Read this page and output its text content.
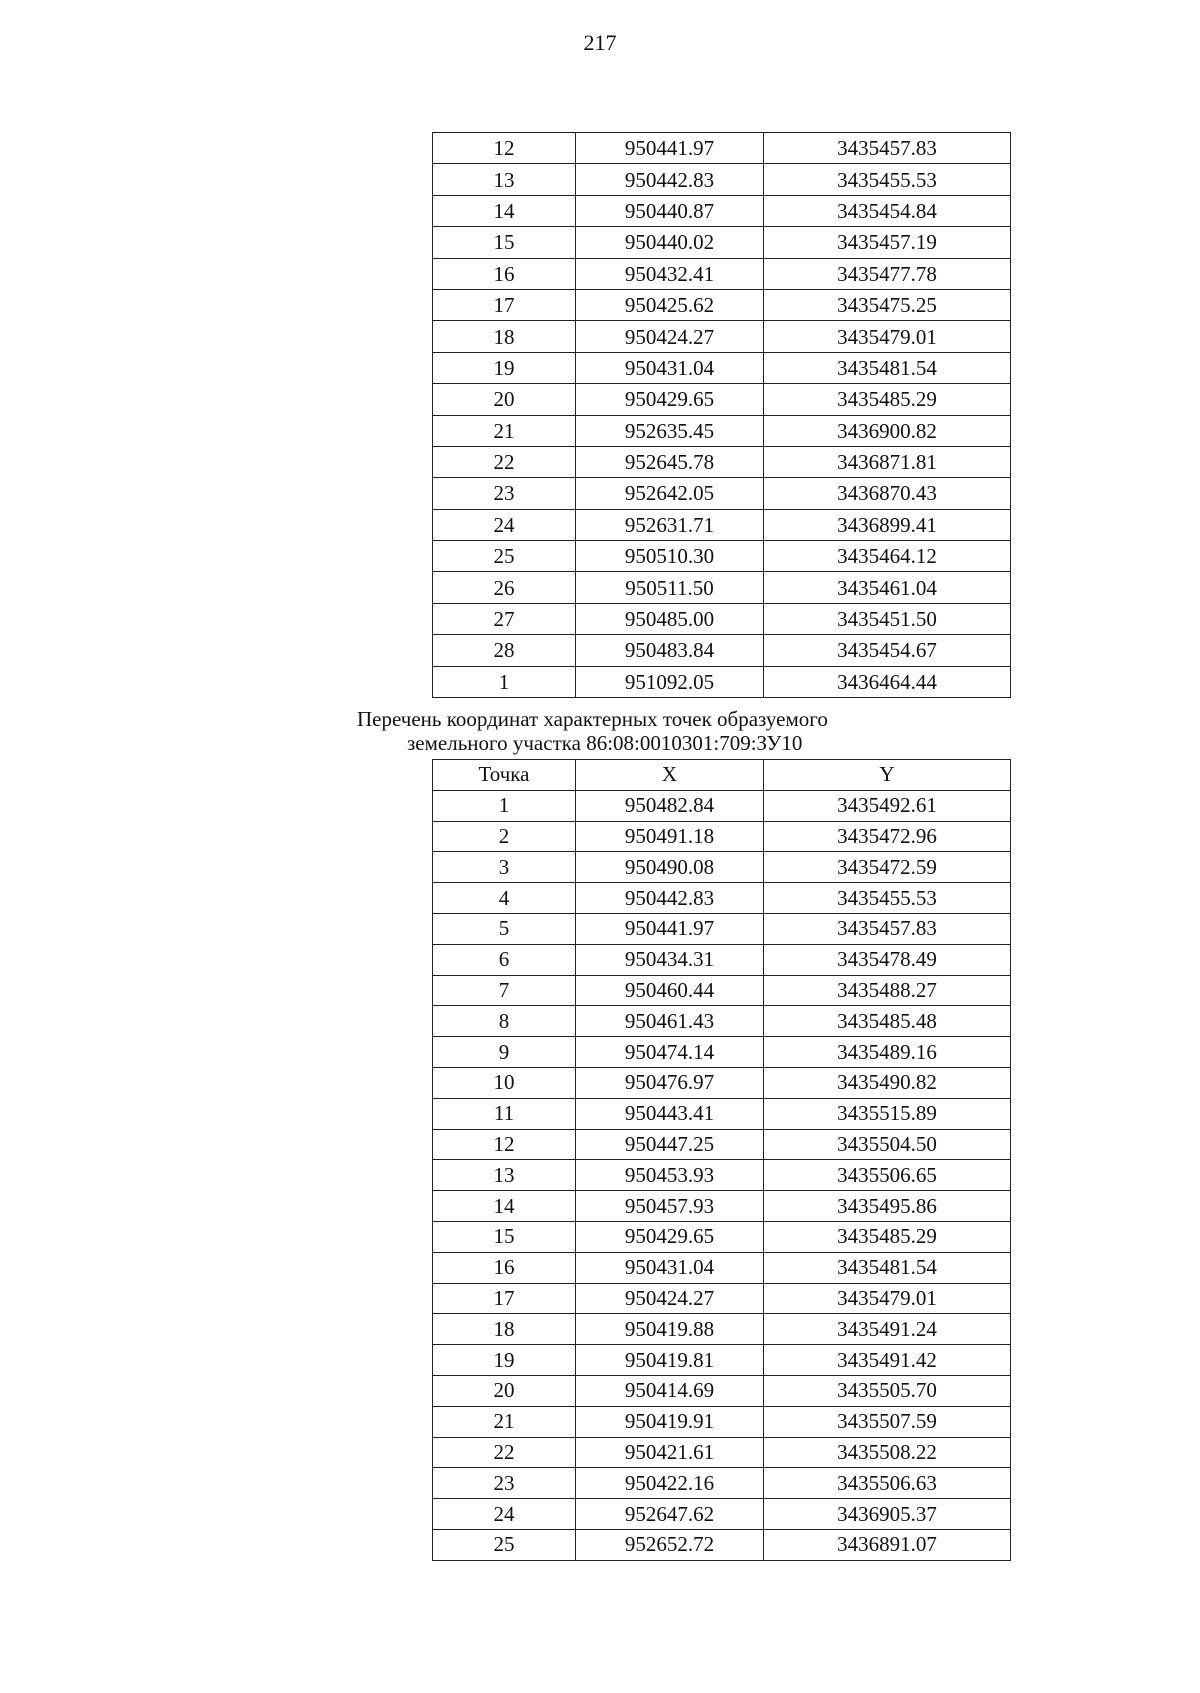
217
12	950441.97	3435457.83
13	950442.83	3435455.53
14	950440.87	3435454.84
15	950440.02	3435457.19
16	950432.41	3435477.78
17	950425.62	3435475.25
18	950424.27	3435479.01
19	950431.04	3435481.54
20	950429.65	3435485.29
21	952635.45	3436900.82
22	952645.78	3436871.81
23	952642.05	3436870.43
24	952631.71	3436899.41
25	950510.30	3435464.12
26	950511.50	3435461.04
27	950485.00	3435451.50
28	950483.84	3435454.67
1	951092.05	3436464.44
Перечень координат характерных точек образуемого
земельного участка 86:08:0010301:709:ЗУ10
Точка	X	Y
1	950482.84	3435492.61
2	950491.18	3435472.96
3	950490.08	3435472.59
4	950442.83	3435455.53
5	950441.97	3435457.83
6	950434.31	3435478.49
7	950460.44	3435488.27
8	950461.43	3435485.48
9	950474.14	3435489.16
10	950476.97	3435490.82
11	950443.41	3435515.89
12	950447.25	3435504.50
13	950453.93	3435506.65
14	950457.93	3435495.86
15	950429.65	3435485.29
16	950431.04	3435481.54
17	950424.27	3435479.01
18	950419.88	3435491.24
19	950419.81	3435491.42
20	950414.69	3435505.70
21	950419.91	3435507.59
22	950421.61	3435508.22
23	950422.16	3435506.63
24	952647.62	3436905.37
25	952652.72	3436891.07
